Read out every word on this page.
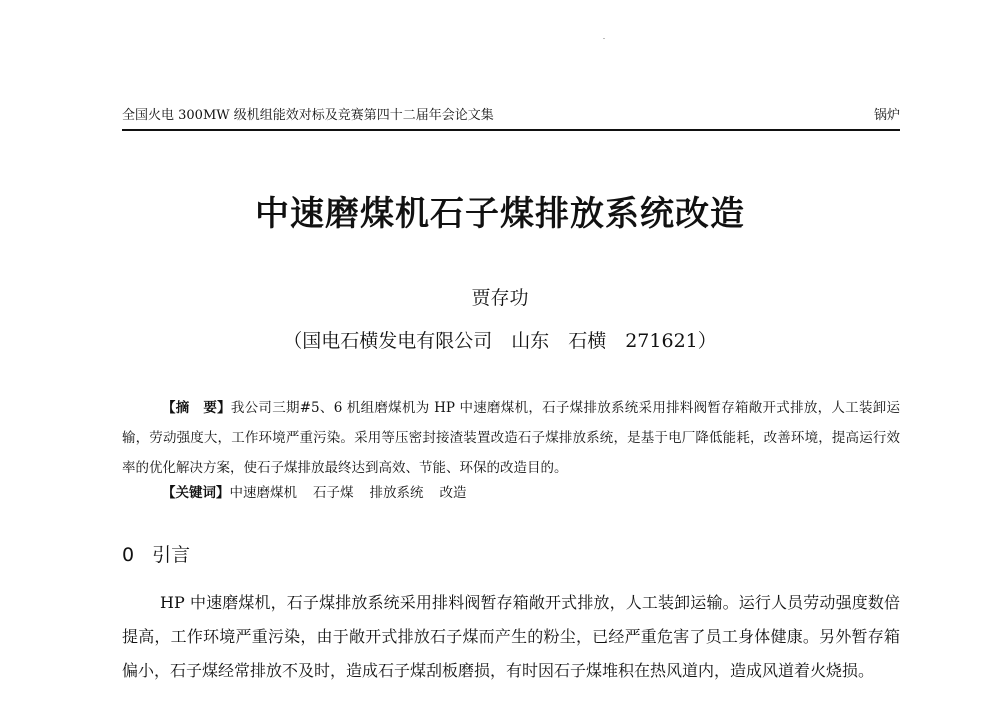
全国火电 300MW 级机组能效对标及竞赛第四十二届年会论文集	锅炉
中速磨煤机石子煤排放系统改造
贾存功
（国电石横发电有限公司　山东　石横　271621）

【摘　要】我公司三期#5、6 机组磨煤机为 HP 中速磨煤机，石子煤排放系统采用排料阀暂存箱敞开式排放，人工装卸运输，劳动强度大，工作环境严重污染。采用等压密封接渣装置改造石子煤排放系统，是基于电厂降低能耗，改善环境，提高运行效率的优化解决方案，使石子煤排放最终达到高效、节能、环保的改造目的。

【关键词】中速磨煤机 石子煤 排放系统 改造
0 引言

HP 中速磨煤机，石子煤排放系统采用排料阀暂存箱敞开式排放，人工装卸运输。运行人员劳动强度数倍提高，工作环境严重污染，由于敞开式排放石子煤而产生的粉尘，已经严重危害了员工身体健康。另外暂存箱偏小，石子煤经常排放不及时，造成石子煤刮板磨损，有时因石子煤堆积在热风道内，造成风道着火烧损。
